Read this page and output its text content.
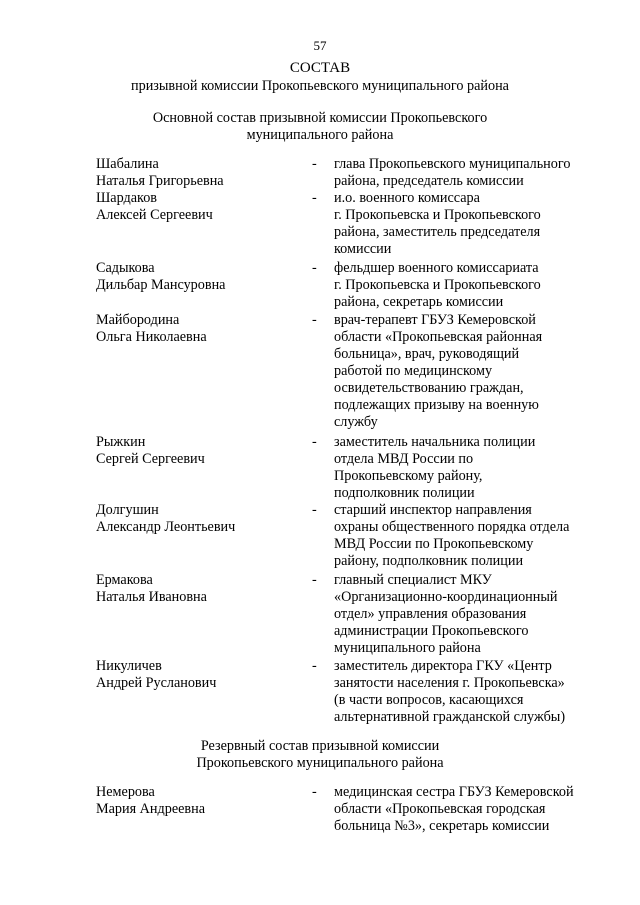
57
СОСТАВ
призывной комиссии Прокопьевского муниципального района
Основной состав призывной комиссии Прокопьевского
муниципального района
Шабалина
Наталья Григорьевна
- глава Прокопьевского муниципального
района, председатель комиссии
Шардаков
Алексей Сергеевич
- и.о. военного комиссара
г. Прокопьевска и Прокопьевского
района, заместитель председателя
комиссии
Садыкова
Дильбар Мансуровна
- фельдшер военного комиссариата
г. Прокопьевска и Прокопьевского
района, секретарь комиссии
Майбородина
Ольга Николаевна
- врач-терапевт ГБУЗ Кемеровской
области «Прокопьевская районная
больница», врач, руководящий
работой по медицинскому
освидетельствованию граждан,
подлежащих призыву на военную
службу
Рыжкин
Сергей Сергеевич
- заместитель начальника полиции
отдела МВД России по
Прокопьевскому району,
подполковник полиции
Долгушин
Александр Леонтьевич
- старший инспектор направления
охраны общественного порядка отдела
МВД России по Прокопьевскому
району, подполковник полиции
Ермакова
Наталья Ивановна
- главный специалист МКУ
«Организационно-координационный
отдел» управления образования
администрации Прокопьевского
муниципального района
Никуличев
Андрей Русланович
- заместитель директора ГКУ «Центр
занятости населения г. Прокопьевска»
(в части вопросов, касающихся
альтернативной гражданской службы)
Резервный состав призывной комиссии
Прокопьевского муниципального района
Немерова
Мария Андреевна
- медицинская сестра ГБУЗ Кемеровской
области «Прокопьевская городская
больница №3», секретарь комиссии
